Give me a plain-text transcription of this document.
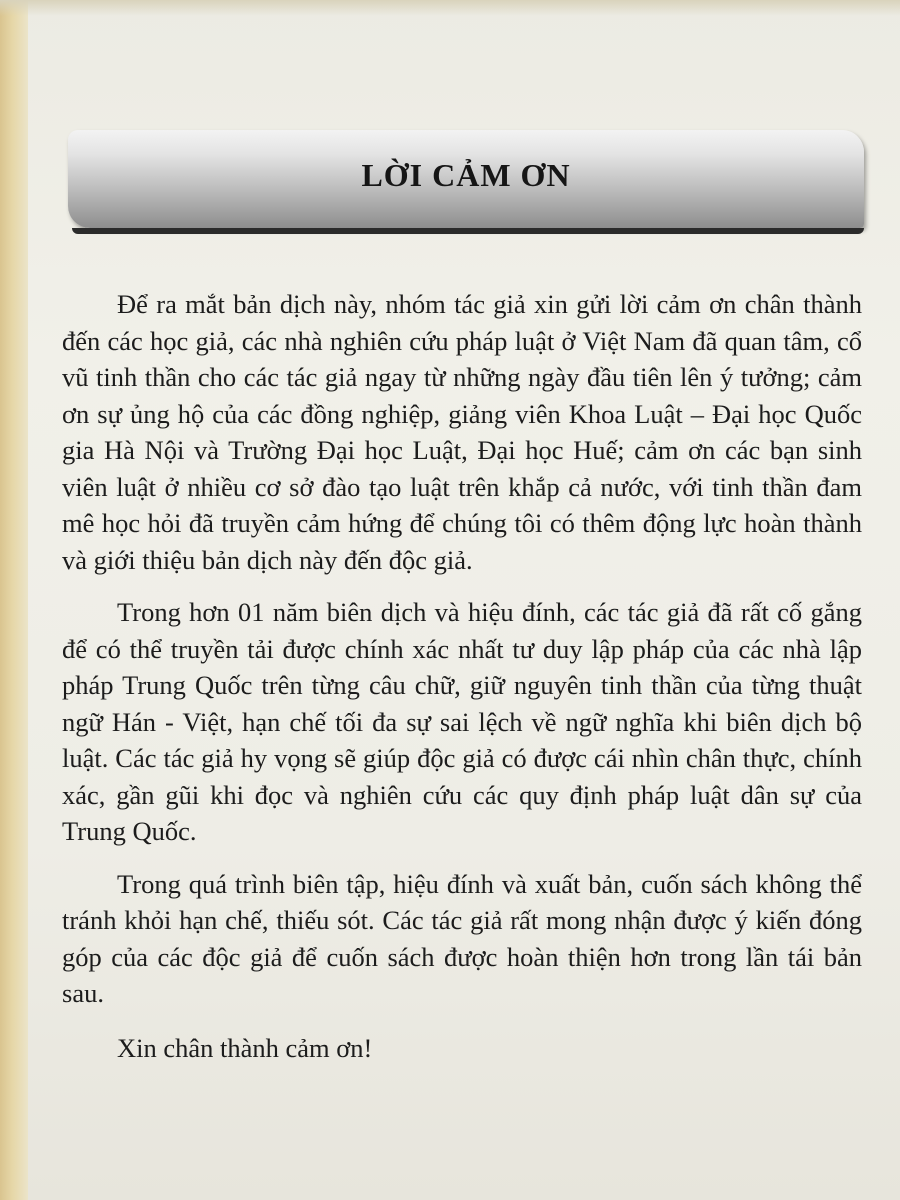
LỜI CẢM ƠN

Để ra mắt bản dịch này, nhóm tác giả xin gửi lời cảm ơn chân thành đến các học giả, các nhà nghiên cứu pháp luật ở Việt Nam đã quan tâm, cổ vũ tinh thần cho các tác giả ngay từ những ngày đầu tiên lên ý tưởng; cảm ơn sự ủng hộ của các đồng nghiệp, giảng viên Khoa Luật – Đại học Quốc gia Hà Nội và Trường Đại học Luật, Đại học Huế; cảm ơn các bạn sinh viên luật ở nhiều cơ sở đào tạo luật trên khắp cả nước, với tinh thần đam mê học hỏi đã truyền cảm hứng để chúng tôi có thêm động lực hoàn thành và giới thiệu bản dịch này đến độc giả.

Trong hơn 01 năm biên dịch và hiệu đính, các tác giả đã rất cố gắng để có thể truyền tải được chính xác nhất tư duy lập pháp của các nhà lập pháp Trung Quốc trên từng câu chữ, giữ nguyên tinh thần của từng thuật ngữ Hán - Việt, hạn chế tối đa sự sai lệch về ngữ nghĩa khi biên dịch bộ luật. Các tác giả hy vọng sẽ giúp độc giả có được cái nhìn chân thực, chính xác, gần gũi khi đọc và nghiên cứu các quy định pháp luật dân sự của Trung Quốc.

Trong quá trình biên tập, hiệu đính và xuất bản, cuốn sách không thể tránh khỏi hạn chế, thiếu sót. Các tác giả rất mong nhận được ý kiến đóng góp của các độc giả để cuốn sách được hoàn thiện hơn trong lần tái bản sau.

Xin chân thành cảm ơn!
